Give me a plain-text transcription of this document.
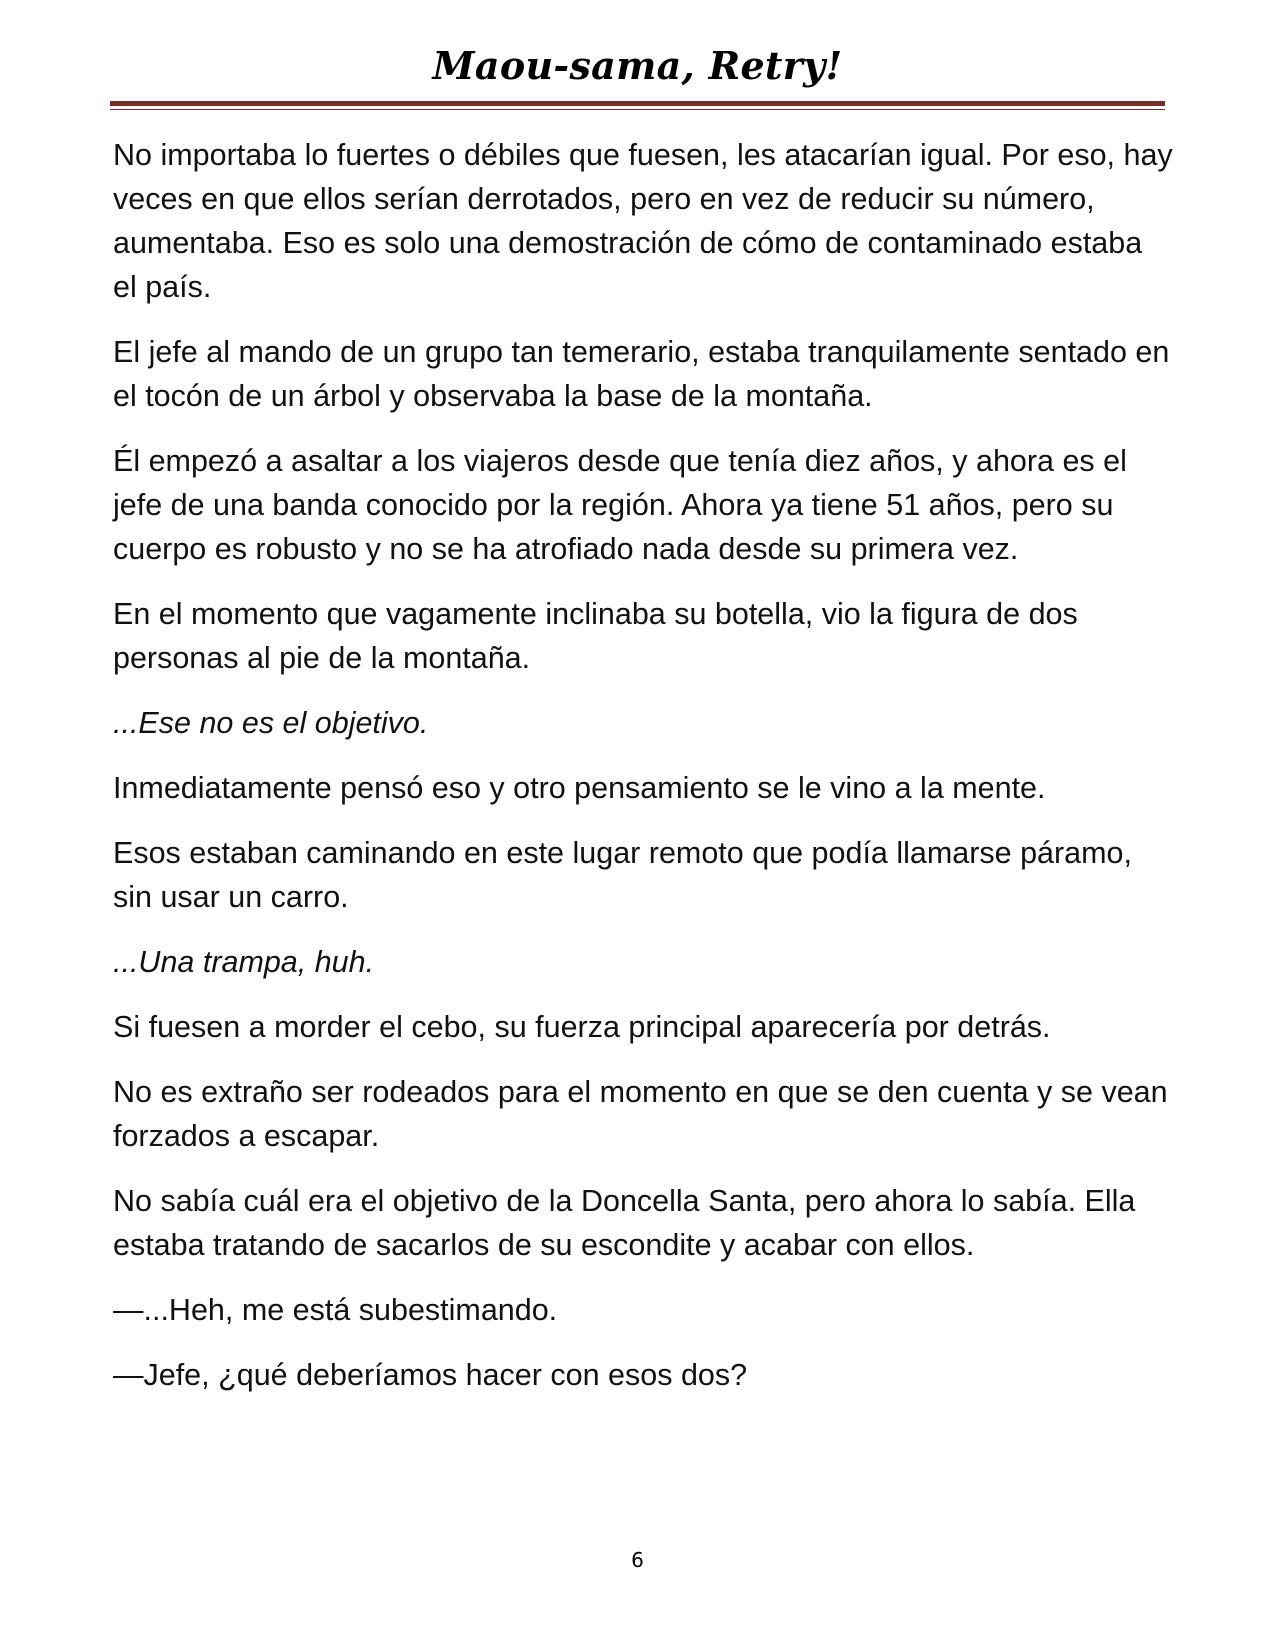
Maou-sama, Retry!

No importaba lo fuertes o débiles que fuesen, les atacarían igual. Por eso, hay veces en que ellos serían derrotados, pero en vez de reducir su número, aumentaba. Eso es solo una demostración de cómo de contaminado estaba el país.

El jefe al mando de un grupo tan temerario, estaba tranquilamente sentado en el tocón de un árbol y observaba la base de la montaña.

Él empezó a asaltar a los viajeros desde que tenía diez años, y ahora es el jefe de una banda conocido por la región. Ahora ya tiene 51 años, pero su cuerpo es robusto y no se ha atrofiado nada desde su primera vez.

En el momento que vagamente inclinaba su botella, vio la figura de dos personas al pie de la montaña.

...Ese no es el objetivo.

Inmediatamente pensó eso y otro pensamiento se le vino a la mente.

Esos estaban caminando en este lugar remoto que podía llamarse páramo, sin usar un carro.

...Una trampa, huh.

Si fuesen a morder el cebo, su fuerza principal aparecería por detrás.

No es extraño ser rodeados para el momento en que se den cuenta y se vean forzados a escapar.

No sabía cuál era el objetivo de la Doncella Santa, pero ahora lo sabía. Ella estaba tratando de sacarlos de su escondite y acabar con ellos.

—...Heh, me está subestimando.

—Jefe, ¿qué deberíamos hacer con esos dos?

6
